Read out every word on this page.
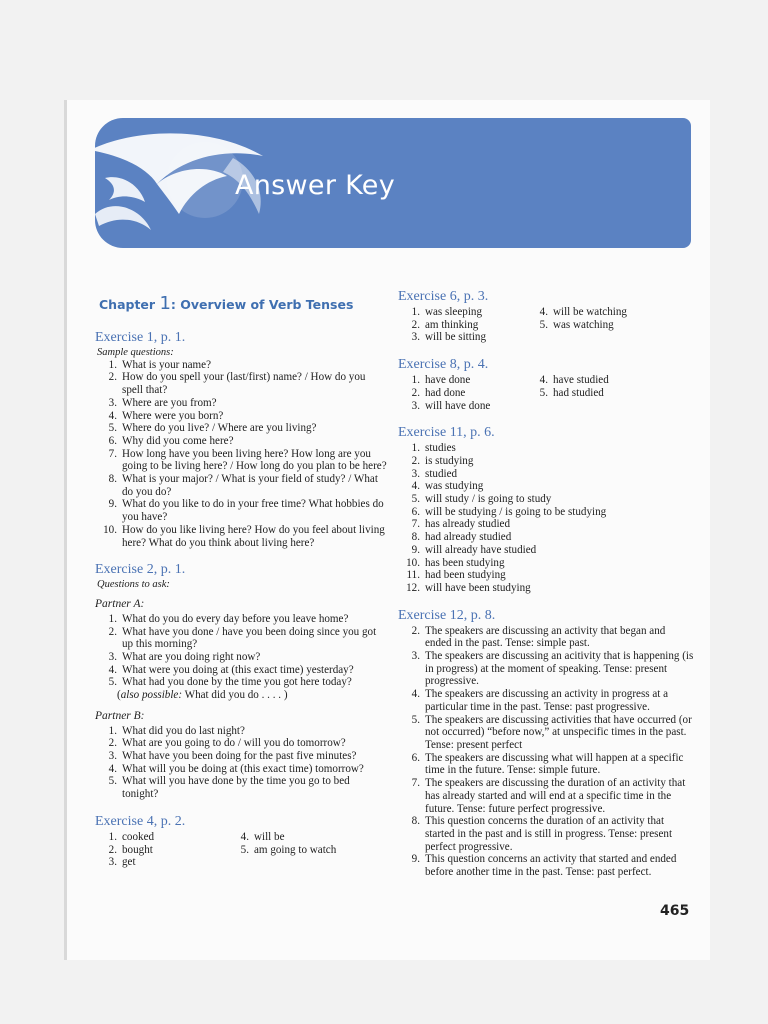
Answer Key
Chapter 1: Overview of Verb Tenses
Exercise 1, p. 1.
Sample questions:
1. What is your name?
2. How do you spell your (last/first) name? / How do you spell that?
3. Where are you from?
4. Where were you born?
5. Where do you live? / Where are you living?
6. Why did you come here?
7. How long have you been living here? How long are you going to be living here? / How long do you plan to be here?
8. What is your major? / What is your field of study? / What do you do?
9. What do you like to do in your free time? What hobbies do you have?
10. How do you like living here? How do you feel about living here? What do you think about living here?
Exercise 2, p. 1.
Questions to ask:
Partner A:
1. What do you do every day before you leave home?
2. What have you done / have you been doing since you got up this morning?
3. What are you doing right now?
4. What were you doing at (this exact time) yesterday?
5. What had you done by the time you got here today?
(also possible: What did you do . . . . )
Partner B:
1. What did you do last night?
2. What are you going to do / will you do tomorrow?
3. What have you been doing for the past five minutes?
4. What will you be doing at (this exact time) tomorrow?
5. What will you have done by the time you go to bed tonight?
Exercise 4, p. 2.
1. cooked
2. bought
3. get
4. will be
5. am going to watch
Exercise 6, p. 3.
1. was sleeping
2. am thinking
3. will be sitting
4. will be watching
5. was watching
Exercise 8, p. 4.
1. have done
2. had done
3. will have done
4. have studied
5. had studied
Exercise 11, p. 6.
1. studies
2. is studying
3. studied
4. was studying
5. will study / is going to study
6. will be studying / is going to be studying
7. has already studied
8. had already studied
9. will already have studied
10. has been studying
11. had been studying
12. will have been studying
Exercise 12, p. 8.
2. The speakers are discussing an activity that began and ended in the past. Tense: simple past.
3. The speakers are discussing an acitivity that is happening (is in progress) at the moment of speaking. Tense: present progressive.
4. The speakers are discussing an activity in progress at a particular time in the past. Tense: past progressive.
5. The speakers are discussing activities that have occurred (or not occurred) “before now,” at unspecific times in the past. Tense: present perfect
6. The speakers are discussing what will happen at a specific time in the future. Tense: simple future.
7. The speakers are discussing the duration of an activity that has already started and will end at a specific time in the future. Tense: future perfect progressive.
8. This question concerns the duration of an activity that started in the past and is still in progress. Tense: present perfect progressive.
9. This question concerns an activity that started and ended before another time in the past. Tense: past perfect.
465
